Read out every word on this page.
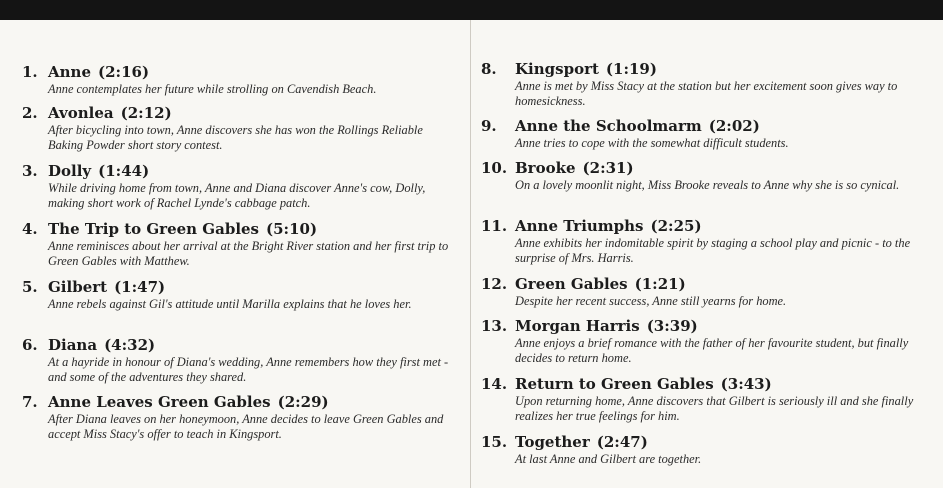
1. Anne (2:16)
Anne contemplates her future while strolling on Cavendish Beach.
2. Avonlea (2:12)
After bicycling into town, Anne discovers she has won the Rollings Reliable Baking Powder short story contest.
3. Dolly (1:44)
While driving home from town, Anne and Diana discover Anne's cow, Dolly, making short work of Rachel Lynde's cabbage patch.
4. The Trip to Green Gables (5:10)
Anne reminisces about her arrival at the Bright River station and her first trip to Green Gables with Matthew.
5. Gilbert (1:47)
Anne rebels against Gil's attitude until Marilla explains that he loves her.
6. Diana (4:32)
At a hayride in honour of Diana's wedding, Anne remembers how they first met - and some of the adventures they shared.
7. Anne Leaves Green Gables (2:29)
After Diana leaves on her honeymoon, Anne decides to leave Green Gables and accept Miss Stacy's offer to teach in Kingsport.
8.	Kingsport (1:19)
Anne is met by Miss Stacy at the station but her excitement soon gives way to homesickness.
9.	Anne the Schoolmarm (2:02)
Anne tries to cope with the somewhat difficult students.
10. Brooke (2:31)
On a lovely moonlit night, Miss Brooke reveals to Anne why she is so cynical.
11. Anne Triumphs (2:25)
Anne exhibits her indomitable spirit by staging a school play and picnic - to the surprise of Mrs. Harris.
12. Green Gables (1:21)
Despite her recent success, Anne still yearns for home.
13. Morgan Harris (3:39)
Anne enjoys a brief romance with the father of her favourite student, but finally decides to return home.
14. Return to Green Gables (3:43)
Upon returning home, Anne discovers that Gilbert is seriously ill and she finally realizes her true feelings for him.
15. Together (2:47)
At last Anne and Gilbert are together.
